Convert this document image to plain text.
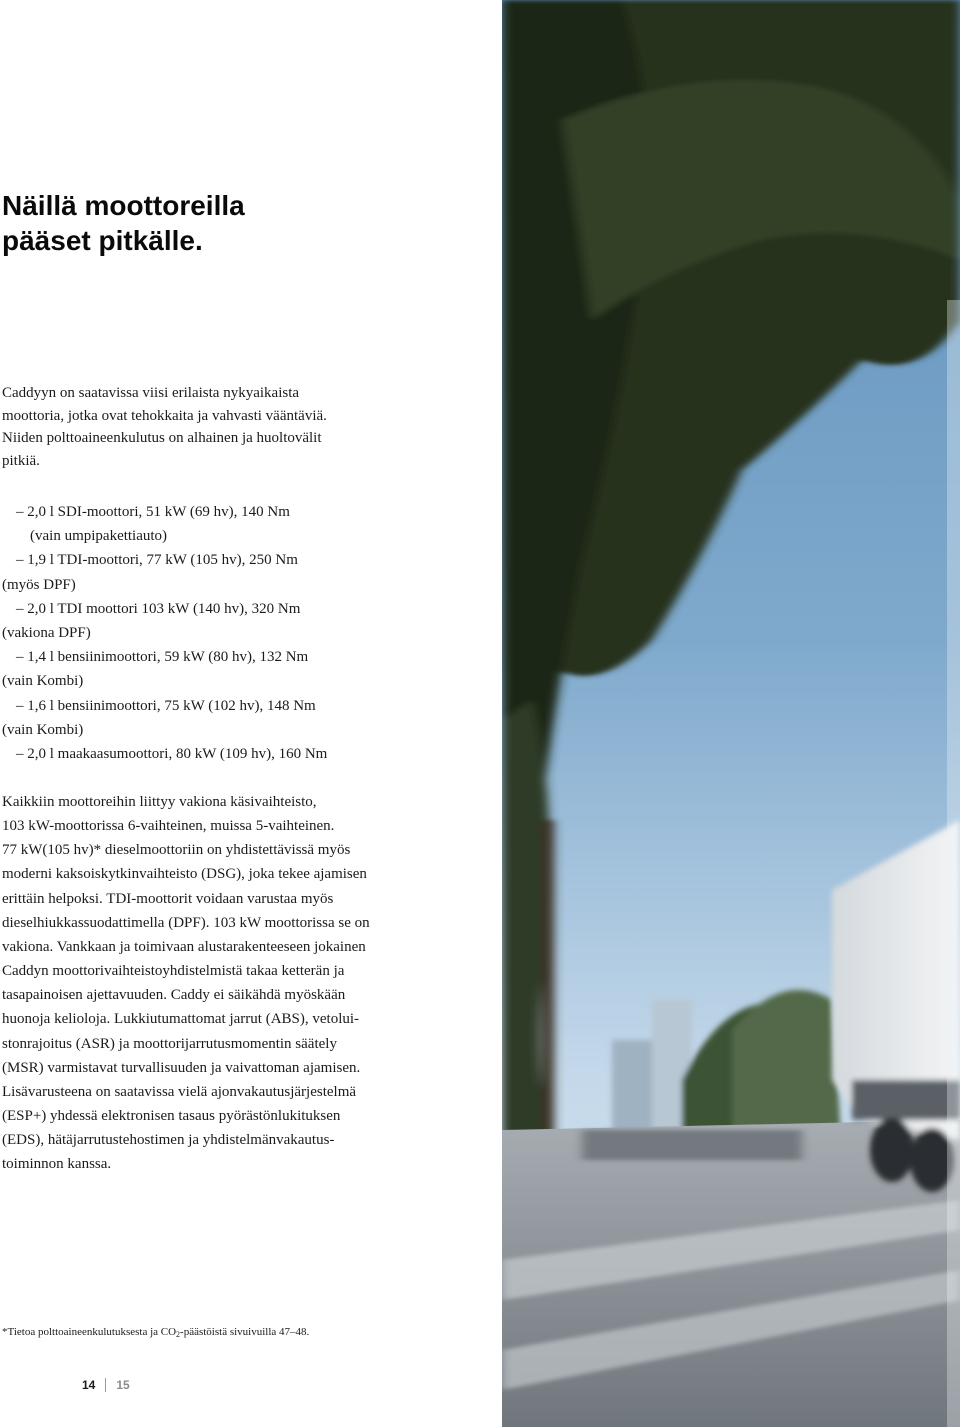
Näillä moottoreilla
pääset pitkälle.
Caddyyn on saatavissa viisi erilaista nykyaikaista
moottoria, jotka ovat tehokkaita ja vahvasti vääntäviä.
Niiden polttoaineenkulutus on alhainen ja huoltovälit
pitkiä.
– 2,0 l SDI-moottori, 51 kW (69 hv), 140 Nm
(vain umpipakettiauto)
– 1,9 l TDI-moottori, 77 kW (105 hv), 250 Nm
(myös DPF)
– 2,0 l TDI moottori 103 kW (140 hv), 320 Nm
(vakiona DPF)
– 1,4 l bensiinimoottori, 59 kW (80 hv), 132 Nm
(vain Kombi)
– 1,6 l bensiinimoottori, 75 kW (102 hv), 148 Nm
(vain Kombi)
– 2,0 l maakaasumoottori, 80 kW (109 hv), 160 Nm
Kaikkiin moottoreihin liittyy vakiona käsivaihteisto,
103 kW-moottorissa 6-vaihteinen, muissa 5-vaihteinen.
77 kW(105 hv)* dieselmoottoriin on yhdistettävissä myös
moderni kaksoiskytkinvaihteisto (DSG), joka tekee ajamisen
erittäin helpoksi. TDI-moottorit voidaan varustaa myös
dieselhiukkassuodattimella (DPF). 103 kW moottorissa se on
vakiona. Vankkaan ja toimivaan alustarakenteeseen jokainen
Caddyn moottorivaihteistoyhdistelmistä takaa ketterän ja
tasapainoisen ajettavuuden. Caddy ei säikähdä myöskään
huonoja kelioloja. Lukkiutumattomat jarrut (ABS), vetolui-
stonrajoitus (ASR) ja moottorijarrutusmomentin säätely
(MSR) varmistavat turvallisuuden ja vaivattoman ajamisen.
Lisävarusteena on saatavissa vielä ajonvakautusjärjestelmä
(ESP+) yhdessä elektronisen tasaus pyörästönlukituksen
(EDS), hätäjarrutustehostimen ja yhdistelmänvakautus-
toiminnon kanssa.
*Tietoa polttoaineenkulutuksesta ja $CO_2$-päästöistä sivuivuilla 47–48.
14 15
